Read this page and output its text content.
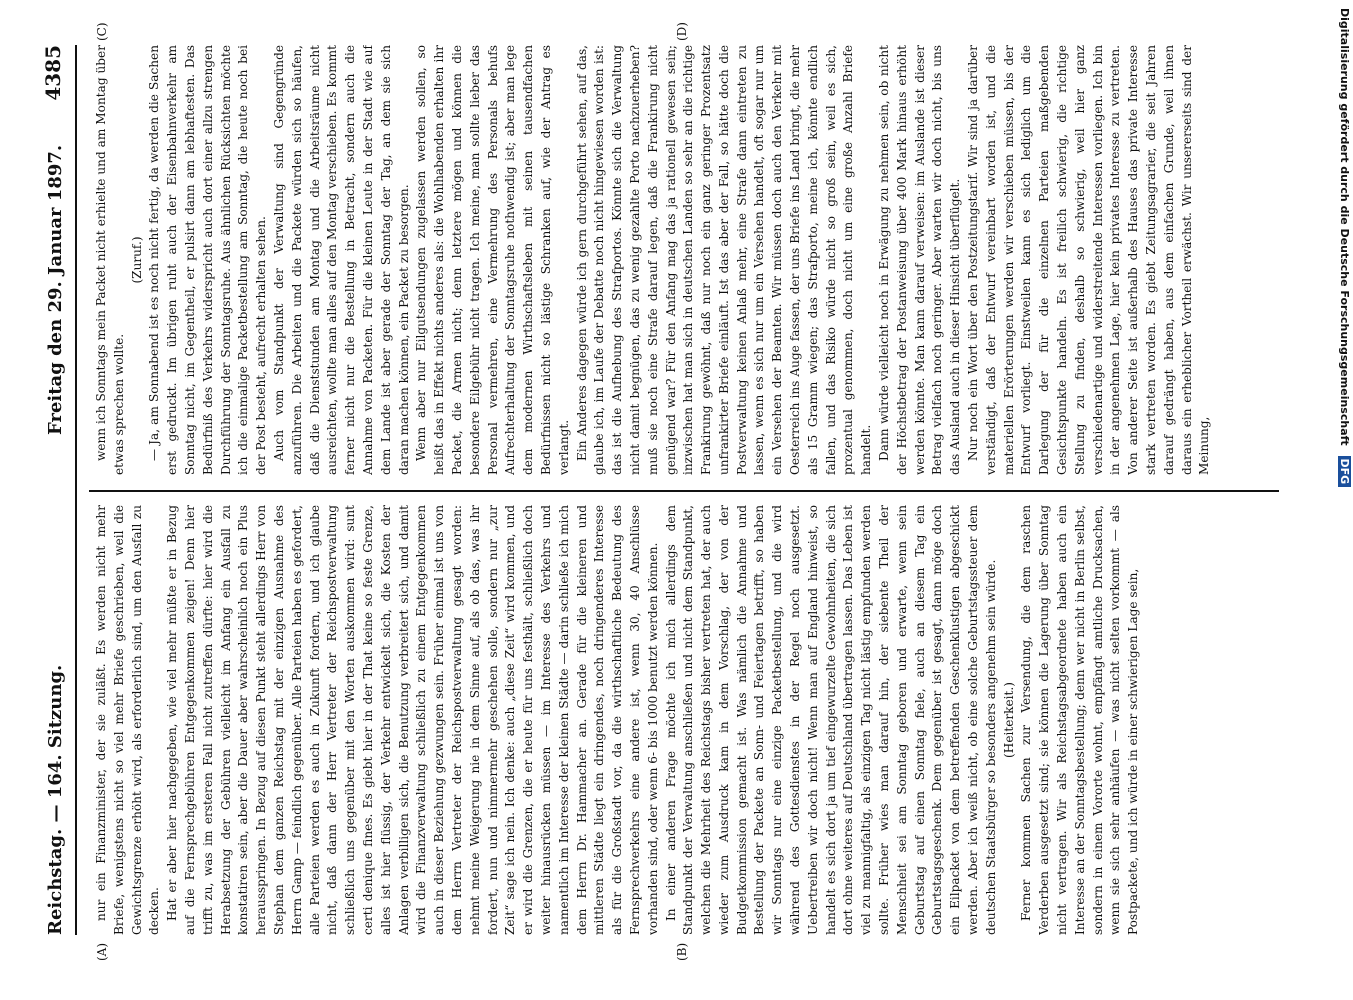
Reichstag. — 164. Sitzung.
Freitag den 29. Januar 1897.
4385
(A)	(B)
(C)	(D)

nur ein Finanzminister, der sie zuläßt. Es werden nicht mehr Briefe, wenigstens nicht so viel mehr Briefe geschrieben, weil die Gewichtsgrenze erhöht wird, als erforderlich sind, um den Ausfall zu decken. Hat er aber hier nachgegeben, wie viel mehr müßte er in Bezug auf die Fernsprechgebühren Entgegenkommen zeigen! Denn hier trifft zu, was im ersteren Fall nicht zutreffen dürfte: hier wird die Herabsetzung der Gebühren vielleicht im Anfang ein Ausfall zu konstatiren sein, aber die Dauer aber wahrscheinlich noch ein Plus herausspringen. In Bezug auf diesen Punkt steht allerdings Herr von Stephan dem ganzen Reichstag mit der einzigen Ausnahme des Herrn Gamp — feindlich gegenüber. Alle Parteien haben es gefordert, alle Parteien werden es auch in Zukunft fordern, und ich glaube nicht, daß dann der Herr Vertreter der Reichspostverwaltung schließlich uns gegenüber mit den Worten auskommen wird: sunt certi denique fines. Es giebt hier in der That keine so feste Grenze, alles ist hier flüssig, der Verkehr entwickelt sich, die Kosten der Anlagen verbilligen sich, die Benutzung verbreitert sich, und damit wird die Finanzverwaltung schließlich zu einem Entgegenkommen auch in dieser Beziehung gezwungen sein. Früher einmal ist uns von dem Herrn Vertreter der Reichspostverwaltung gesagt worden: nehmt meine Weigerung nie in dem Sinne auf, als ob das, was ihr fordert, nun und nimmermehr geschehen solle, sondern nur „zur Zeit“ sage ich nein. Ich denke: auch „diese Zeit“ wird kommen, und er wird die Grenzen, die er heute für uns festhält, schließlich doch weiter hinausrücken müssen — im Interesse des Verkehrs und namentlich im Interesse der kleinen Städte — darin schließe ich mich dem Herrn Dr. Hammacher an. Gerade für die kleineren und mittleren Städte liegt ein dringendes, noch dringenderes Interesse als für die Großstadt vor, da die wirthschaftliche Bedeutung des Fernsprechverkehrs eine andere ist, wenn 30, 40 Anschlüsse vorhanden sind, oder wenn 6- bis 1000 benutzt werden können. In einer anderen Frage möchte ich mich allerdings dem Standpunkt der Verwaltung anschließen und nicht dem Standpunkt, welchen die Mehrheit des Reichstags bisher vertreten hat, der auch wieder zum Ausdruck kam in dem Vorschlag, der von der Budgetkommission gemacht ist. Was nämlich die Annahme und Bestellung der Packete an Sonn- und Feiertagen betrifft, so haben wir Sonntags nur eine einzige Packetbestellung, und die wird während des Gottesdienstes in der Regel noch ausgesetzt. Uebertreiben wir doch nicht! Wenn man auf England hinweist, so handelt es sich dort ja um tief eingewurzelte Gewohnheiten, die sich dort ohne weiteres auf Deutschland übertragen lassen. Das Leben ist viel zu mannigfaltig, als einzigen Tag nicht lästig empfunden werden sollte. Früher wies man darauf hin, der siebente Theil der Menschheit sei am Sonntag geboren und erwarte, wenn sein Geburtstag auf einen Sonntag fiele, auch an diesem Tag ein Geburtstagsgeschenk. Dem gegenüber ist gesagt, dann möge doch ein Eilpacket von dem betreffenden Geschenklustigen abgeschickt werden. Aber ich weiß nicht, ob eine solche Geburtstagssteuer dem deutschen Staatsbürger so besonders angenehm sein würde. (Heiterkeit.) Ferner kommen Sachen zur Versendung, die dem raschen Verderben ausgesetzt sind; sie können die Lagerung über Sonntag nicht vertragen. Wir als Reichstagsabgeordnete haben auch ein Interesse an der Sonntagsbestellung; denn wer nicht in Berlin selbst, sondern in einem Vororte wohnt, empfängt amtliche Drucksachen, wenn sie sich sehr anhäufen — was nicht selten vorkommt — als Postpackete, und ich würde in einer schwierigen Lage sein,

wenn ich Sonntags mein Packet nicht erhielte und am Montag über etwas sprechen wollte.

(Zuruf.) — Ja, am Sonnabend ist es noch nicht fertig, da werden die Sachen erst gedruckt. Im übrigen ruht auch der Eisenbahnverkehr am Sonntag nicht, im Gegentheil, er pulsirt dann am lebhaftesten. Das Bedürfniß des Verkehrs widerspricht auch dort einer allzu strengen Durchführung der Sonntagsruhe. Aus ähnlichen Rücksichten möchte ich die einmalige Packetbestellung am Sonntag, die heute noch bei der Post besteht, aufrecht erhalten sehen. Auch vom Standpunkt der Verwaltung sind Gegengründe anzuführen. Die Arbeiten und die Packete würden sich so häufen, daß die Dienststunden am Montag und die Arbeitsräume nicht ausreichten, wollte man alles auf den Montag verschieben. Es kommt ferner nicht nur die Bestellung in Betracht, sondern auch die Annahme von Packeten. Für die kleinen Leute in der Stadt wie auf dem Lande ist aber gerade der Sonntag der Tag, an dem sie sich daran machen können, ein Packet zu besorgen. Wenn aber nur Eilgutsendungen zugelassen werden sollen, so heißt das in Effekt nichts anderes als: die Wohlhabenden erhalten ihr Packet, die Armen nicht; denn letztere mögen und können die besondere Eilgebühr nicht tragen. Ich meine, man sollte lieber das Personal vermehren, eine Vermehrung des Personals behufs Aufrechterhaltung der Sonntagsruhe nothwendig ist; aber man lege dem modernen Wirthschaftsleben mit seinen tausendfachen Bedürfnissen nicht so lästige Schranken auf, wie der Antrag es verlangt. Ein Anderes dagegen würde ich gern durchgeführt sehen, auf das, glaube ich, im Laufe der Debatte noch nicht hingewiesen worden ist: das ist die Aufhebung des Strafportos. Könnte sich die Verwaltung nicht damit begnügen, das zu wenig gezahlte Porto nachzuerheben? muß sie noch eine Strafe darauf legen, daß die Frankirung nicht genügend war? Für den Anfang mag das ja rationell gewesen sein; inzwischen hat man sich in deutschen Landen so sehr an die richtige Frankirung gewöhnt, daß nur noch ein ganz geringer Prozentsatz unfrankirter Briefe einläuft. Ist das aber der Fall, so hätte doch die Postverwaltung keinen Anlaß mehr, eine Strafe dann eintreten zu lassen, wenn es sich nur um ein Versehen handelt, oft sogar nur um ein Versehen der Beamten. Wir müssen doch auch den Verkehr mit Oesterreich ins Auge fassen, der uns Briefe ins Land bringt, die mehr als 15 Gramm wiegen; das Strafporto, meine ich, könnte endlich fallen, und das Risiko würde nicht so groß sein, weil es sich, prozentual genommen, doch nicht um eine große Anzahl Briefe handelt. Dann würde vielleicht noch in Erwägung zu nehmen sein, ob nicht der Höchstbetrag der Postanweisung über 400 Mark hinaus erhöht werden könnte. Man kann darauf verweisen: im Auslande ist dieser Betrag vielfach noch geringer. Aber warten wir doch nicht, bis uns das Ausland auch in dieser Hinsicht überflügelt. Nur noch ein Wort über den Postzeitungstarif. Wir sind ja darüber verständigt, daß der Entwurf vereinbart worden ist, und die materiellen Erörterungen werden wir verschieben müssen, bis der Entwurf vorliegt. Einstweilen kann es sich lediglich um die Darlegung der für die einzelnen Parteien maßgebenden Gesichtspunkte handeln. Es ist freilich schwierig, die richtige Stellung zu finden, deshalb so schwierig, weil hier ganz verschiedenartige und widerstreitende Interessen vorliegen. Ich bin in der angenehmen Lage, hier kein privates Interesse zu vertreten. Von anderer Seite ist außerhalb des Hauses das private Interesse stark vertreten worden. Es giebt Zeitungsagrarier, die seit Jahren darauf gedrängt haben, aus dem einfachen Grunde, weil ihnen daraus ein erheblicher Vortheil erwächst. Wir unsererseits sind der Meinung,

Digitalisierung gefördert durch die Deutsche Forschungsgemeinschaft DFG
